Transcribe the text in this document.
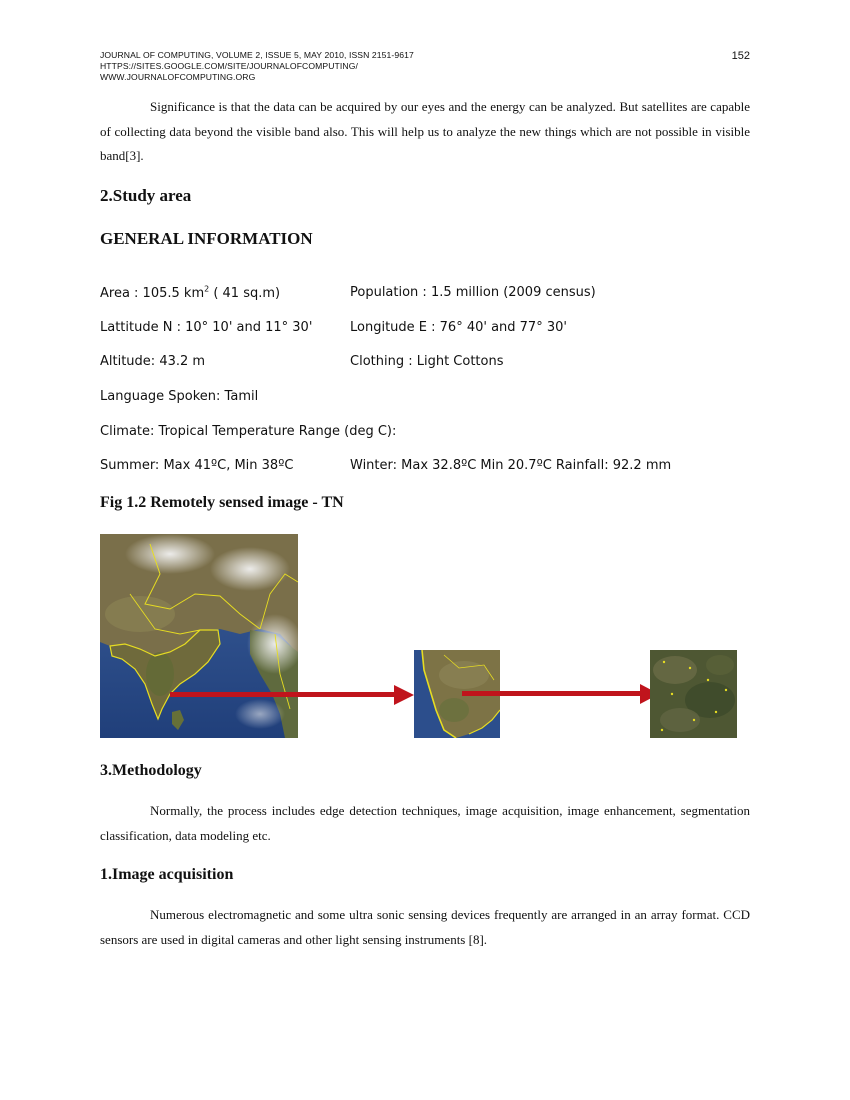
JOURNAL OF COMPUTING, VOLUME 2, ISSUE 5, MAY 2010, ISSN 2151-9617
HTTPS://SITES.GOOGLE.COM/SITE/JOURNALOFCOMPUTING/
WWW.JOURNALOFCOMPUTING.ORG
152
Significance is that the data can be acquired by our eyes and the energy can be analyzed. But satellites are capable of collecting data beyond the visible band also. This will help us to analyze the new things which are not possible in visible band[3].
2.Study area
GENERAL INFORMATION
Area : 105.5 $km^2$ ( 41 sq.m)	Population : 1.5 million (2009 census)
Lattitude N : 10° 10' and 11° 30'	Longitude E : 76° 40' and 77° 30'
Altitude: 43.2 m	Clothing : Light Cottons
Language Spoken: Tamil
Climate: Tropical Temperature Range (deg C):
Summer: Max 41ºC, Min 38ºC	Winter: Max 32.8ºC Min 20.7ºC Rainfall: 92.2 mm
Fig 1.2 Remotely sensed image - TN
3.Methodology
Normally, the process includes edge detection techniques, image acquisition, image enhancement, segmentation classification, data modeling etc.
1.Image acquisition
Numerous electromagnetic and some ultra sonic sensing devices frequently are arranged in an array format. CCD sensors are used in digital cameras and other light sensing instruments [8].
